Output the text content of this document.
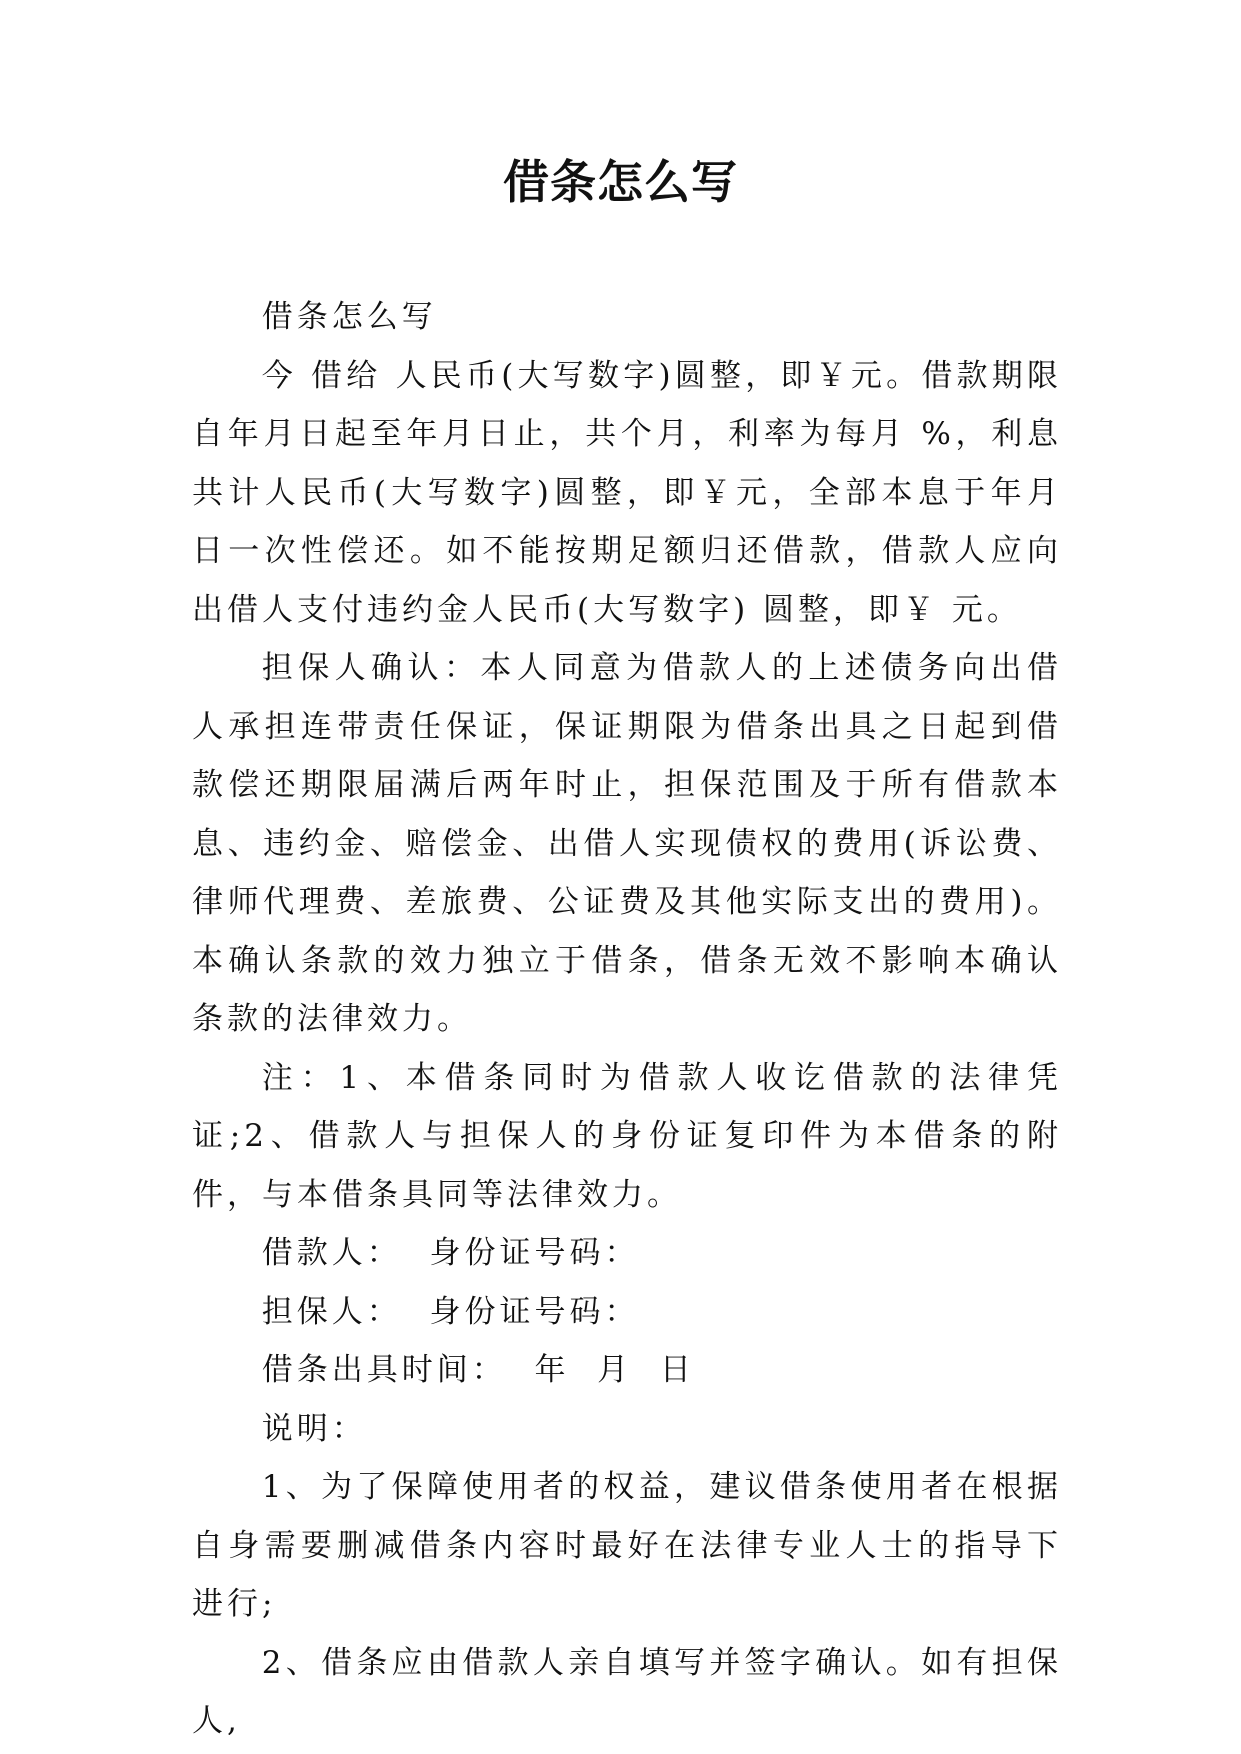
借条怎么写

借条怎么写

今 借给 人民币(大写数字)圆整，即￥元。借款期限自年月日起至年月日止，共个月，利率为每月 %，利息共计人民币(大写数字)圆整，即￥元，全部本息于年月日一次性偿还。如不能按期足额归还借款，借款人应向出借人支付违约金人民币(大写数字) 圆整，即￥ 元。

担保人确认：本人同意为借款人的上述债务向出借人承担连带责任保证，保证期限为借条出具之日起到借款偿还期限届满后两年时止，担保范围及于所有借款本息、违约金、赔偿金、出借人实现债权的费用(诉讼费、律师代理费、差旅费、公证费及其他实际支出的费用)。本确认条款的效力独立于借条，借条无效不影响本确认条款的法律效力。

注：1、本借条同时为借款人收讫借款的法律凭证;2、借款人与担保人的身份证复印件为本借条的附件，与本借条具同等法律效力。

借款人：  身份证号码：

担保人：  身份证号码：

借条出具时间：  年  月  日

说明：

1、为了保障使用者的权益，建议借条使用者在根据自身需要删减借条内容时最好在法律专业人士的指导下进行;

2、借条应由借款人亲自填写并签字确认。如有担保人,
